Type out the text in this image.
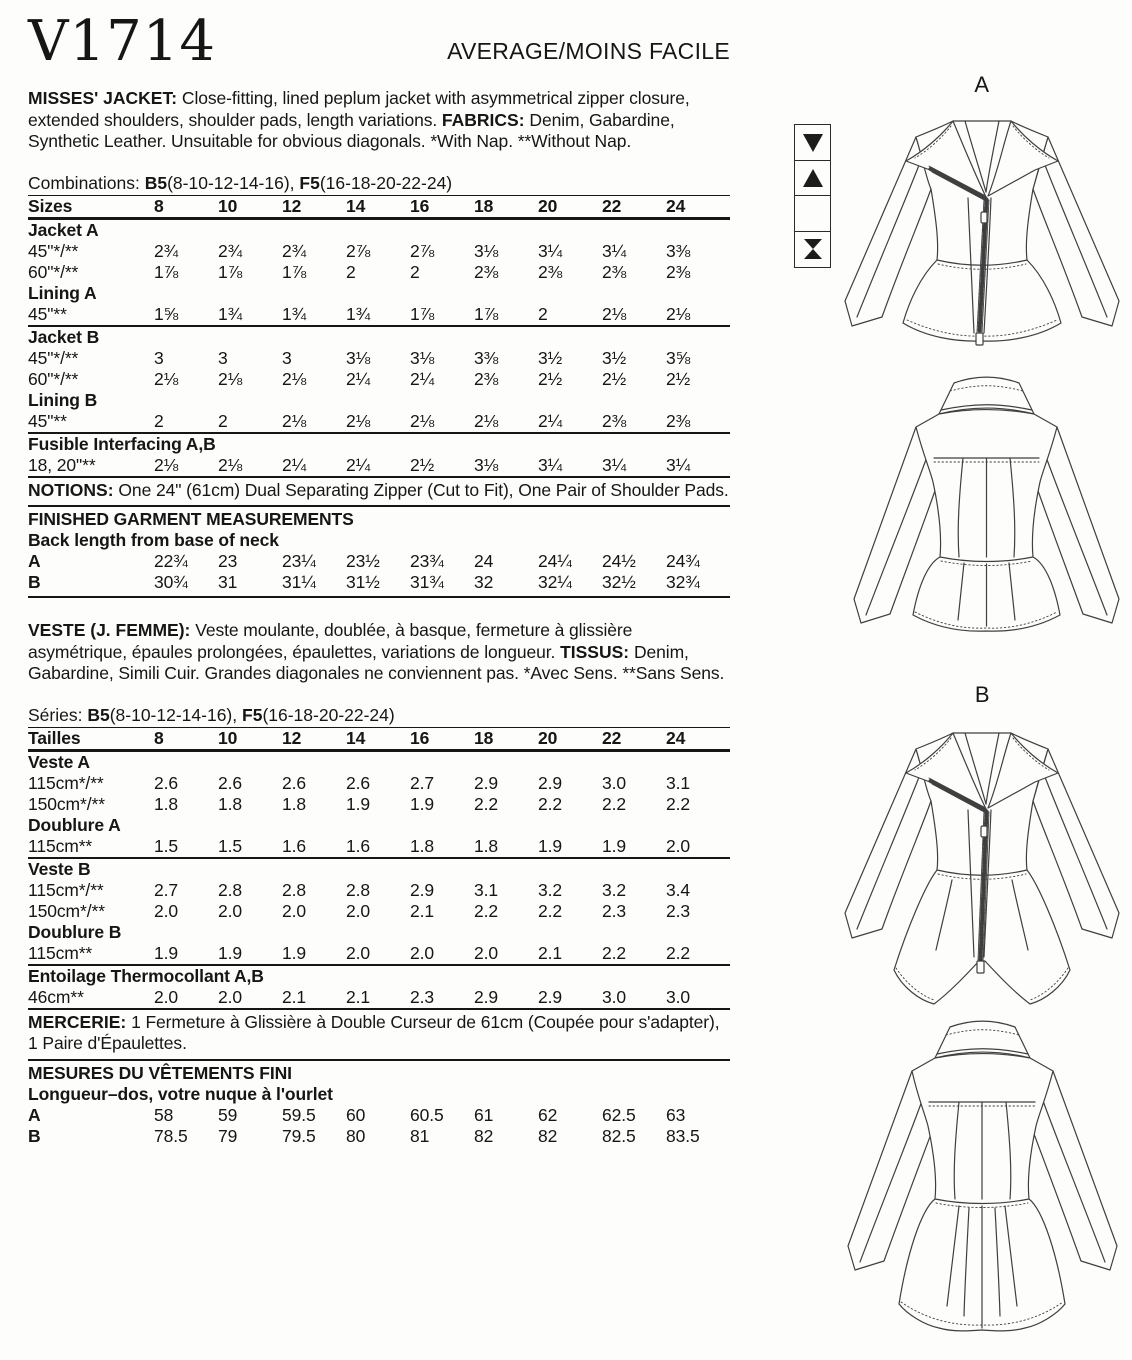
V1714	AVERAGE/MOINS FACILE

MISSES' JACKET: Close-fitting, lined peplum jacket with asymmetrical zipper closure, extended shoulders, shoulder pads, length variations. FABRICS: Denim, Gabardine, Synthetic Leather. Unsuitable for obvious diagonals. *With Nap. **Without Nap.

Combinations: B5(8-10-12-14-16), F5(16-18-20-22-24)

Sizes	8	10	12	14	16	18	20	22	24
Jacket A
45"*/**	2¾	2¾	2¾	2⅞	2⅞	3⅛	3¼	3¼	3⅜
60"*/**	1⅞	1⅞	1⅞	2	2	2⅜	2⅜	2⅜	2⅜
Lining A
45"**	1⅝	1¾	1¾	1¾	1⅞	1⅞	2	2⅛	2⅛
Jacket B
45"*/**	3	3	3	3⅛	3⅛	3⅜	3½	3½	3⅝
60"*/**	2⅛	2⅛	2⅛	2¼	2¼	2⅜	2½	2½	2½
Lining B
45"**	2	2	2⅛	2⅛	2⅛	2⅛	2¼	2⅜	2⅜
Fusible Interfacing A,B
18, 20"**	2⅛	2⅛	2¼	2¼	2½	3⅛	3¼	3¼	3¼

NOTIONS: One 24" (61cm) Dual Separating Zipper (Cut to Fit), One Pair of Shoulder Pads.

FINISHED GARMENT MEASUREMENTS
Back length from base of neck
A	22¾	23	23¼	23½	23¾	24	24¼	24½	24¾
B	30¾	31	31¼	31½	31¾	32	32¼	32½	32¾

VESTE (J. FEMME): Veste moulante, doublée, à basque, fermeture à glissière asymétrique, épaules prolongées, épaulettes, variations de longueur. TISSUS: Denim, Gabardine, Simili Cuir. Grandes diagonales ne conviennent pas. *Avec Sens. **Sans Sens.

Séries: B5(8-10-12-14-16), F5(16-18-20-22-24)

Tailles	8	10	12	14	16	18	20	22	24
Veste A
115cm*/**	2.6	2.6	2.6	2.6	2.7	2.9	2.9	3.0	3.1
150cm*/**	1.8	1.8	1.8	1.9	1.9	2.2	2.2	2.2	2.2
Doublure A
115cm**	1.5	1.5	1.6	1.6	1.8	1.8	1.9	1.9	2.0
Veste B
115cm*/**	2.7	2.8	2.8	2.8	2.9	3.1	3.2	3.2	3.4
150cm*/**	2.0	2.0	2.0	2.0	2.1	2.2	2.2	2.3	2.3
Doublure B
115cm**	1.9	1.9	1.9	2.0	2.0	2.0	2.1	2.2	2.2
Entoilage Thermocollant A,B
46cm**	2.0	2.0	2.1	2.1	2.3	2.9	2.9	3.0	3.0

MERCERIE: 1 Fermeture à Glissière à Double Curseur de 61cm (Coupée pour s'adapter), 1 Paire d'Épaulettes.

MESURES DU VÊTEMENTS FINI
Longueur–dos, votre nuque à l'ourlet
A	58	59	59.5	60	60.5	61	62	62.5	63
B	78.5	79	79.5	80	81	82	82	82.5	83.5
A
B
